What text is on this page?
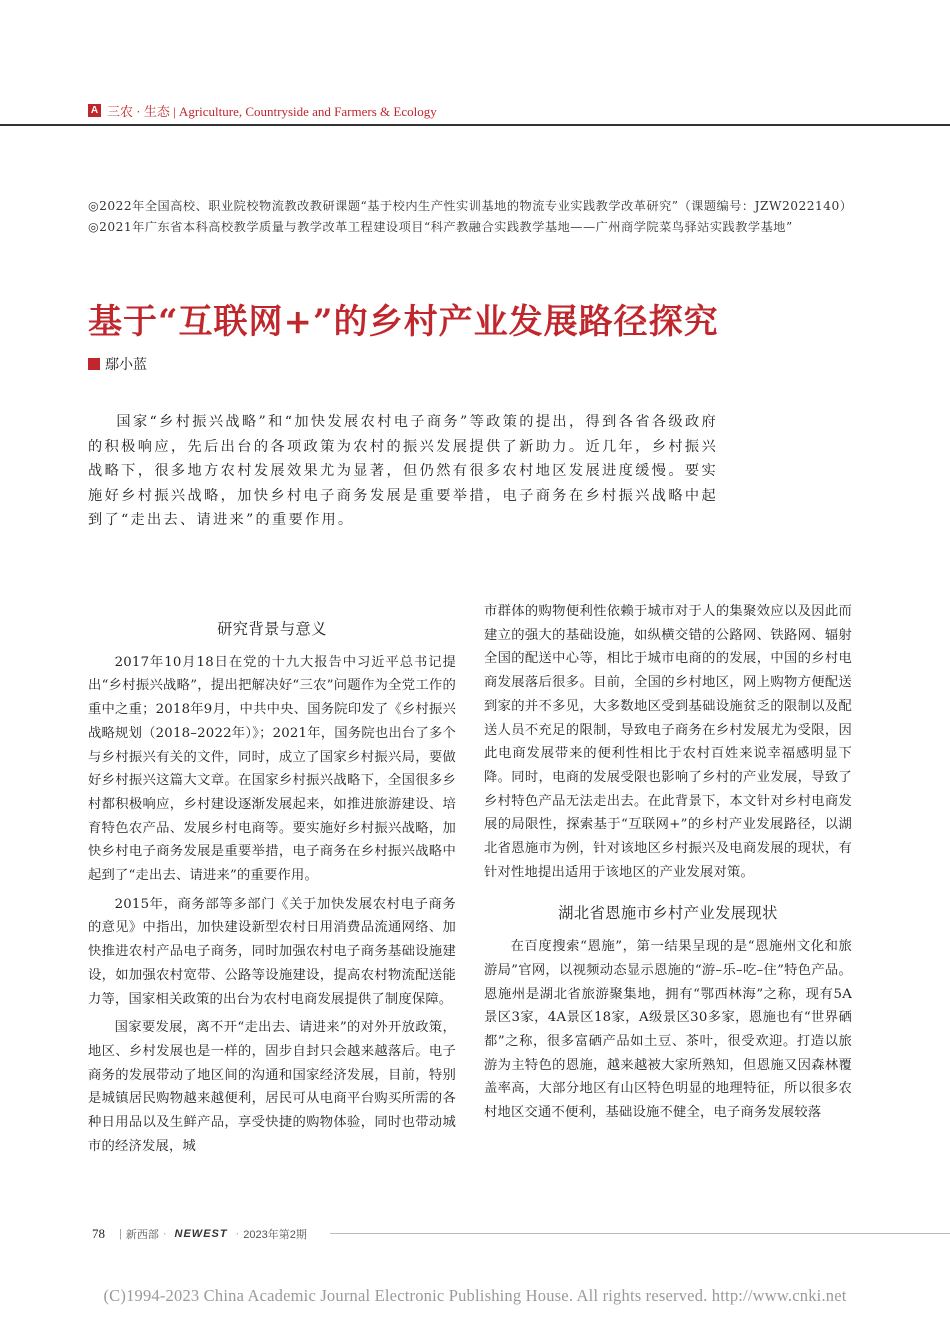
A 三农 · 生态 | Agriculture, Countryside and Farmers & Ecology

◎2022年全国高校、职业院校物流教改教研课题“基于校内生产性实训基地的物流专业实践教学改革研究”（课题编号：JZW2022140）

◎2021年广东省本科高校教学质量与教学改革工程建设项目“科产教融合实践教学基地——广州商学院菜鸟驿站实践教学基地”

基于“互联网+”的乡村产业发展路径探究
鄢小蓝

国家“乡村振兴战略”和“加快发展农村电子商务”等政策的提出，得到各省各级政府的积极响应，先后出台的各项政策为农村的振兴发展提供了新助力。近几年，乡村振兴战略下，很多地方农村发展效果尤为显著，但仍然有很多农村地区发展进度缓慢。要实施好乡村振兴战略，加快乡村电子商务发展是重要举措，电子商务在乡村振兴战略中起到了“走出去、请进来”的重要作用。

研究背景与意义

2017年10月18日在党的十九大报告中习近平总书记提出“乡村振兴战略”，提出把解决好“三农”问题作为全党工作的重中之重；2018年9月，中共中央、国务院印发了《乡村振兴战略规划（2018–2022年）》；2021年，国务院也出台了多个与乡村振兴有关的文件，同时，成立了国家乡村振兴局，要做好乡村振兴这篇大文章。在国家乡村振兴战略下，全国很多乡村都积极响应，乡村建设逐渐发展起来，如推进旅游建设、培育特色农产品、发展乡村电商等。要实施好乡村振兴战略，加快乡村电子商务发展是重要举措，电子商务在乡村振兴战略中起到了“走出去、请进来”的重要作用。

2015年，商务部等多部门《关于加快发展农村电子商务的意见》中指出，加快建设新型农村日用消费品流通网络、加快推进农村产品电子商务，同时加强农村电子商务基础设施建设，如加强农村宽带、公路等设施建设，提高农村物流配送能力等，国家相关政策的出台为农村电商发展提供了制度保障。

国家要发展，离不开“走出去、请进来”的对外开放政策，地区、乡村发展也是一样的，固步自封只会越来越落后。电子商务的发展带动了地区间的沟通和国家经济发展，目前，特别是城镇居民购物越来越便利，居民可从电商平台购买所需的各种日用品以及生鲜产品，享受快捷的购物体验，同时也带动城市的经济发展，城

市群体的购物便利性依赖于城市对于人的集聚效应以及因此而建立的强大的基础设施，如纵横交错的公路网、铁路网、辐射全国的配送中心等，相比于城市电商的的发展，中国的乡村电商发展落后很多。目前，全国的乡村地区，网上购物方便配送到家的并不多见，大多数地区受到基础设施贫乏的限制以及配送人员不充足的限制，导致电子商务在乡村发展尤为受限，因此电商发展带来的便利性相比于农村百姓来说幸福感明显下降。同时，电商的发展受限也影响了乡村的产业发展，导致了乡村特色产品无法走出去。在此背景下，本文针对乡村电商发展的局限性，探索基于“互联网+”的乡村产业发展路径，以湖北省恩施市为例，针对该地区乡村振兴及电商发展的现状，有针对性地提出适用于该地区的产业发展对策。

湖北省恩施市乡村产业发展现状

在百度搜索“恩施”，第一结果呈现的是“恩施州文化和旅游局”官网，以视频动态显示恩施的“游–乐–吃–住”特色产品。恩施州是湖北省旅游聚集地，拥有“鄂西林海”之称，现有5A景区3家，4A景区18家，A级景区30多家，恩施也有“世界硒都”之称，很多富硒产品如土豆、茶叶，很受欢迎。打造以旅游为主特色的恩施，越来越被大家所熟知，但恩施又因森林覆盖率高，大部分地区有山区特色明显的地理特征，所以很多农村地区交通不便利，基础设施不健全，电子商务发展较落

78 | 新西部 · NEWEST · 2023年第2期
(C)1994-2023 China Academic Journal Electronic Publishing House. All rights reserved. http://www.cnki.net
